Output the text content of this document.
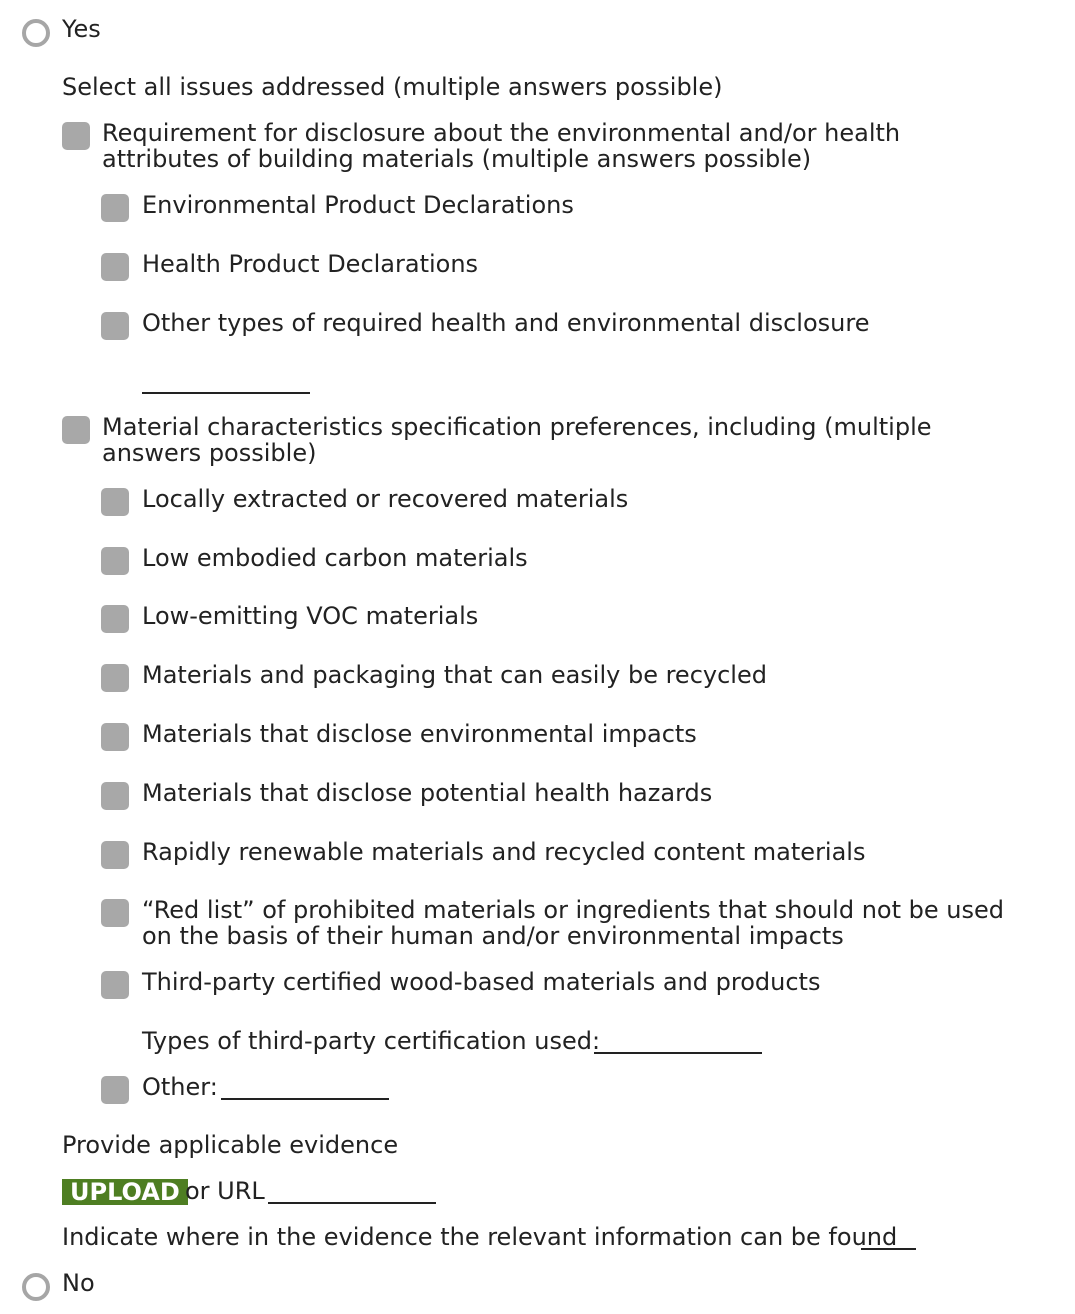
Yes
Select all issues addressed (multiple answers possible)
Requirement for disclosure about the environmental and/or health
attributes of building materials (multiple answers possible)
Environmental Product Declarations
Health Product Declarations
Other types of required health and environmental disclosure
Material characteristics specification preferences, including (multiple
answers possible)
Locally extracted or recovered materials
Low embodied carbon materials
Low-emitting VOC materials
Materials and packaging that can easily be recycled
Materials that disclose environmental impacts
Materials that disclose potential health hazards
Rapidly renewable materials and recycled content materials
“Red list” of prohibited materials or ingredients that should not be used
on the basis of their human and/or environmental impacts
Third-party certified wood-based materials and products
Types of third-party certification used:
Other:
Provide applicable evidence
UPLOAD or URL
Indicate where in the evidence the relevant information can be found
No
